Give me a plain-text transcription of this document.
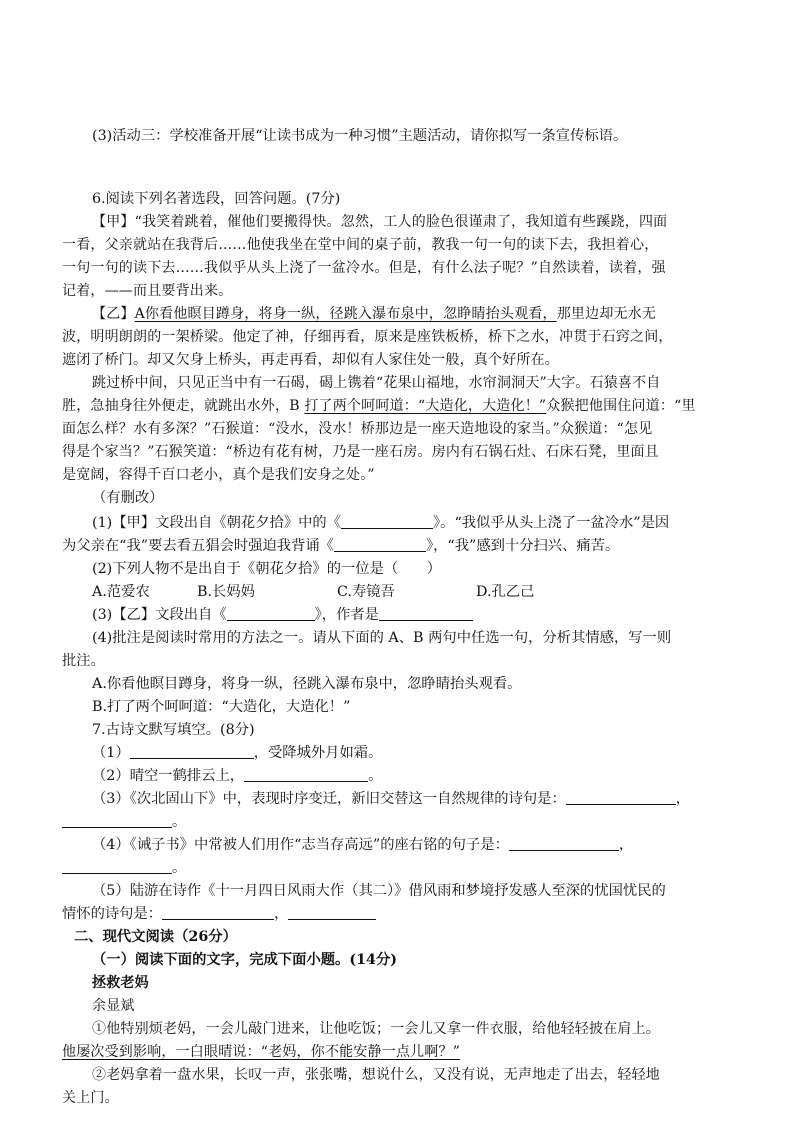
(3)活动三：学校准备开展“让读书成为一种习惯”主题活动，请你拟写一条宣传标语。
6.阅读下列名著选段，回答问题。(7分)
【甲】“我笑着跳着，催他们要搬得快。忽然，工人的脸色很谨肃了，我知道有些蹊跷，四面
一看，父亲就站在我背后……他使我坐在堂中间的桌子前，教我一句一句的读下去，我担着心，
一句一句的读下去……我似乎从头上浇了一盆冷水。但是，有什么法子呢？”自然读着，读着，强
记着，——而且要背出来。
【乙】A你看他瞑目蹲身，将身一纵，径跳入瀑布泉中，忽睁睛抬头观看，那里边却无水无
波，明明朗朗的一架桥梁。他定了神，仔细再看，原来是座铁板桥，桥下之水，冲贯于石窍之间，
遮闭了桥门。却又欠身上桥头，再走再看，却似有人家住处一般，真个好所在。
跳过桥中间，只见正当中有一石碣，碣上镌着“花果山福地，水帘洞洞天”大字。石猿喜不自
胜，急抽身往外便走，就跳出水外，B 打了两个呵呵道：“大造化，大造化！”众猴把他围住问道：“里
面怎么样？水有多深？”石猴道：“没水，没水！桥那边是一座天造地设的家当。”众猴道：“怎见
得是个家当？”石猴笑道：“桥边有花有树，乃是一座石房。房内有石锅石灶、石床石凳，里面且
是宽阔，容得千百口老小，真个是我们安身之处。”
（有删改）
(1)【甲】文段出自《朝花夕拾》中的《	》。“我似乎从头上浇了一盆冷水”是因
为父亲在“我”要去看五猖会时强迫我背诵《	》，“我”感到十分扫兴、痛苦。
(2)下列人物不是出自于《朝花夕拾》的一位是（　　）
A.范爱农	B.长妈妈	C.寿镜吾	D.孔乙己
(3)【乙】文段出自《	》，作者是
(4)批注是阅读时常用的方法之一。请从下面的 A、B 两句中任选一句，分析其情感，写一则
批注。
A.你看他瞑目蹲身，将身一纵，径跳入瀑布泉中，忽睁睛抬头观看。
B.打了两个呵呵道：“大造化，大造化！”
7.古诗文默写填空。(8分)
（1）	，受降城外月如霜。
（2）晴空一鹤排云上，	。
（3）《次北固山下》中，表现时序变迁，新旧交替这一自然规律的诗句是：	，
。
（4）《诫子书》中常被人们用作“志当存高远”的座右铭的句子是：	，
。
（5）陆游在诗作《十一月四日风雨大作（其二）》借风雨和梦境抒发感人至深的忧国忧民的
情怀的诗句是：	，
二、现代文阅读（26分）
（一）阅读下面的文字，完成下面小题。(14分)
拯救老妈
余显斌
①他特别烦老妈，一会儿敲门进来，让他吃饭；一会儿又拿一件衣服，给他轻轻披在肩上。
他屡次受到影响，一白眼晴说：“老妈，你不能安静一点儿啊？”
②老妈拿着一盘水果，长叹一声，张张嘴，想说什么，又没有说，无声地走了出去，轻轻地
关上门。
